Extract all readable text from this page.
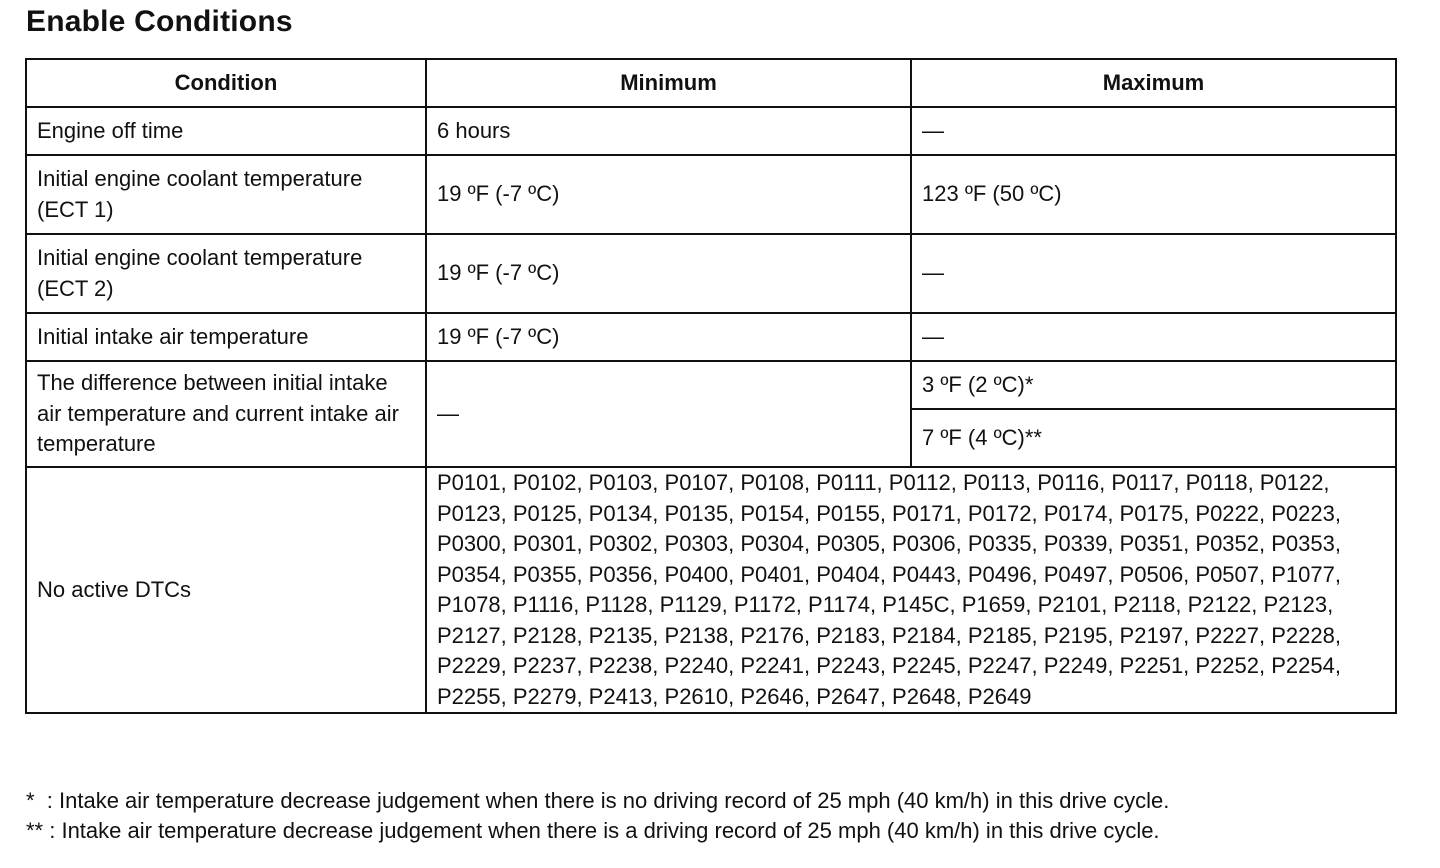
Enable Conditions
Condition	Minimum	Maximum
Engine off time	6 hours	—
Initial engine coolant temperature (ECT 1)	19 ºF (-7 ºC)	123 ºF (50 ºC)
Initial engine coolant temperature (ECT 2)	19 ºF (-7 ºC)	—
Initial intake air temperature	19 ºF (-7 ºC)	—
The difference between initial intake air temperature and current intake air temperature	—	3 ºF (2 ºC)*
		7 ºF (4 ºC)**
No active DTCs	P0101, P0102, P0103, P0107, P0108, P0111, P0112, P0113, P0116, P0117, P0118, P0122, P0123, P0125, P0134, P0135, P0154, P0155, P0171, P0172, P0174, P0175, P0222, P0223, P0300, P0301, P0302, P0303, P0304, P0305, P0306, P0335, P0339, P0351, P0352, P0353, P0354, P0355, P0356, P0400, P0401, P0404, P0443, P0496, P0497, P0506, P0507, P1077, P1078, P1116, P1128, P1129, P1172, P1174, P145C, P1659, P2101, P2118, P2122, P2123, P2127, P2128, P2135, P2138, P2176, P2183, P2184, P2185, P2195, P2197, P2227, P2228, P2229, P2237, P2238, P2240, P2241, P2243, P2245, P2247, P2249, P2251, P2252, P2254, P2255, P2279, P2413, P2610, P2646, P2647, P2648, P2649	
*  : Intake air temperature decrease judgement when there is no driving record of 25 mph (40 km/h) in this drive cycle.
** : Intake air temperature decrease judgement when there is a driving record of 25 mph (40 km/h) in this drive cycle.
